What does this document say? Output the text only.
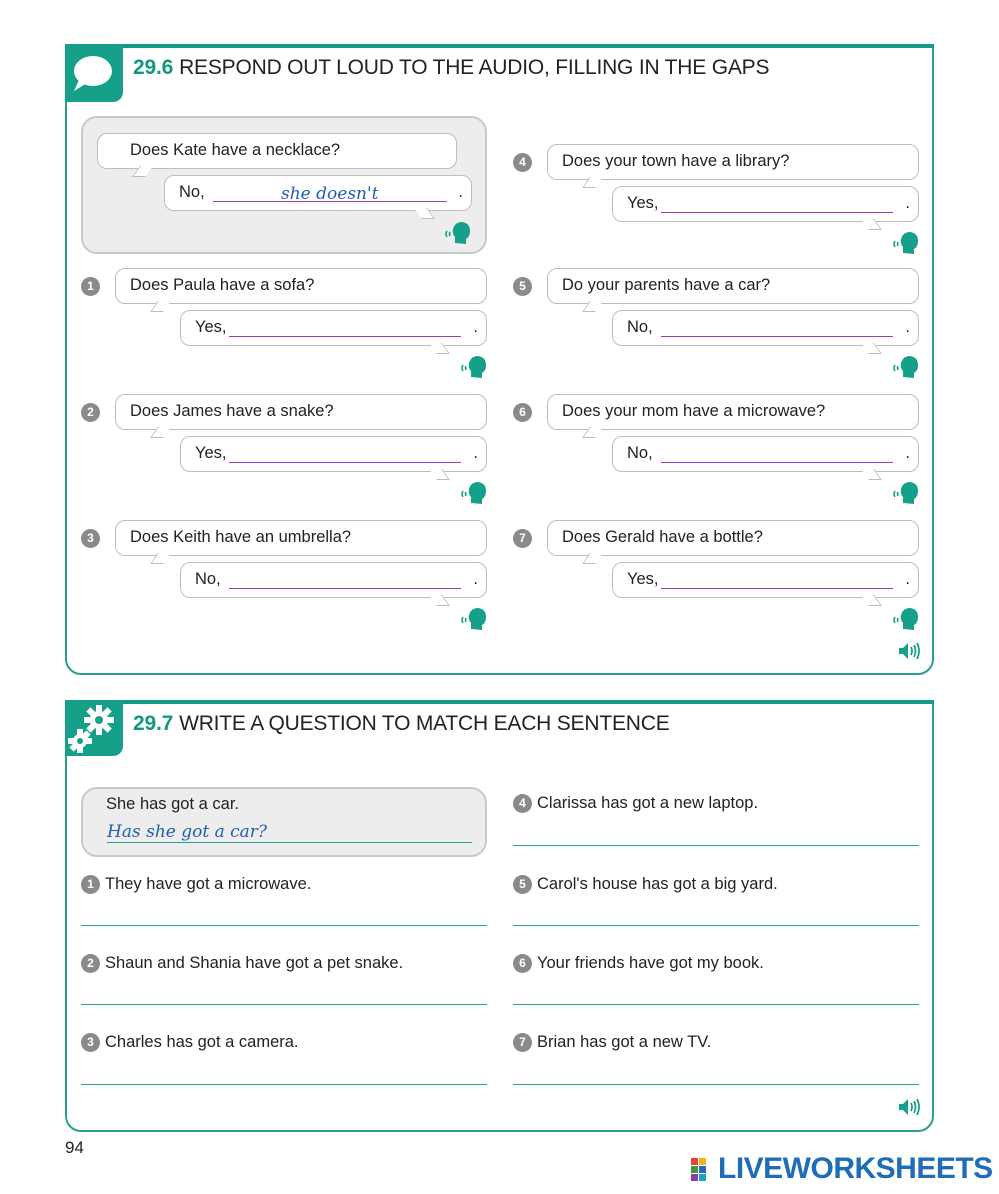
29.6 RESPOND OUT LOUD TO THE AUDIO, FILLING IN THE GAPS
Does Kate have a necklace?
No,	she doesn't	.
1	Does Paula have a sofa?
Yes,	.
2	Does James have a snake?
Yes,	.
3	Does Keith have an umbrella?
No,	.
4	Does your town have a library?
Yes,	.
5	Do your parents have a car?
No,	.
6	Does your mom have a microwave?
No,	.
7	Does Gerald have a bottle?
Yes,	.
29.7 WRITE A QUESTION TO MATCH EACH SENTENCE
She has got a car.
Has she got a car?
1 They have got a microwave.
2 Shaun and Shania have got a pet snake.
3 Charles has got a camera.
4 Clarissa has got a new laptop.
5 Carol's house has got a big yard.
6 Your friends have got my book.
7 Brian has got a new TV.
94
LIVEWORKSHEETS
